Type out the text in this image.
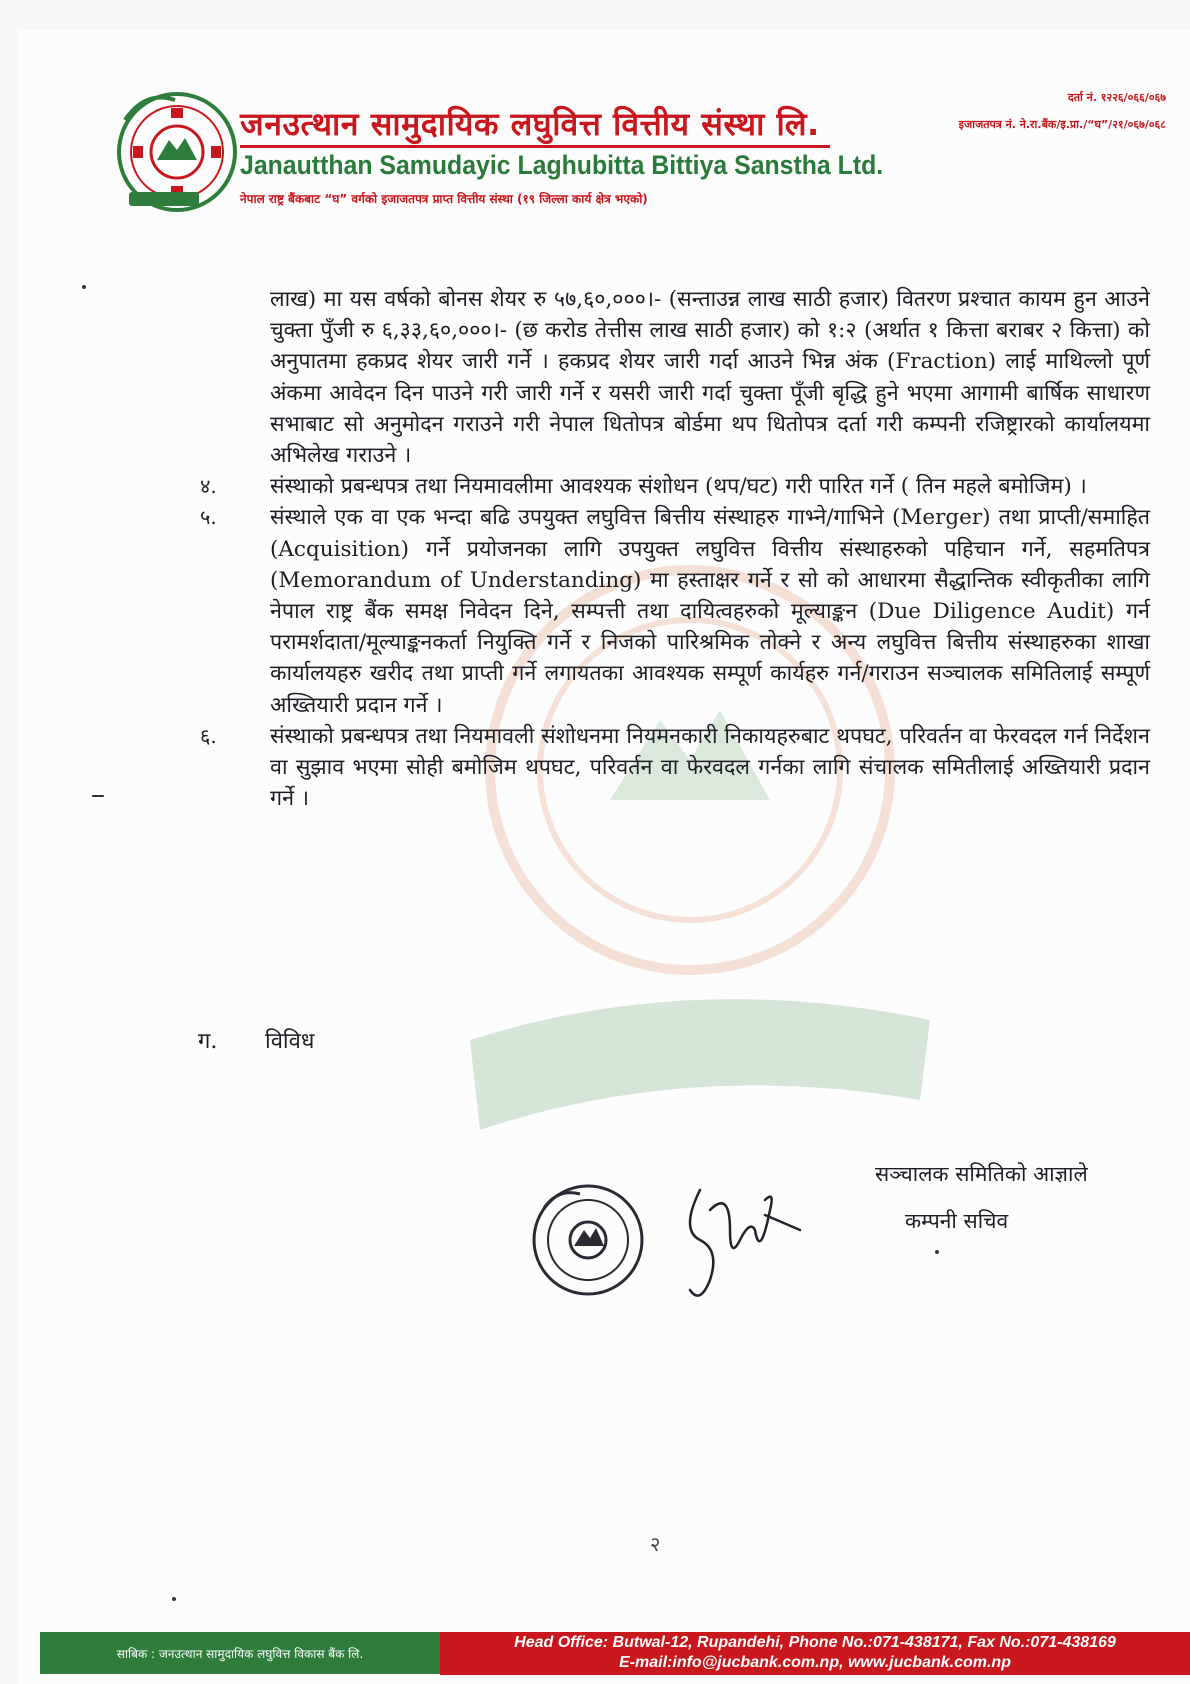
जनउत्थान सामुदायिक लघुवित्त वित्तीय संस्था लि.
Janautthan Samudayic Laghubitta Bittiya Sanstha Ltd.
नेपाल राष्ट्र बैंकबाट “घ” वर्गको इजाजतपत्र प्राप्त वित्तीय संस्था (१९ जिल्ला कार्य क्षेत्र भएको)
दर्ता नं. १२२६/०६६/०६७
इजाजतपत्र नं. ने.रा.बैंक/इ.प्रा./“घ”/२१/०६७/०६८

लाख) मा यस वर्षको बोनस शेयर रु ५७,६०,०००।- (सन्ताउन्न लाख साठी हजार) वितरण प्रश्चात कायम हुन आउने चुक्ता पुँजी रु ६,३३,६०,०००।- (छ करोड तेत्तीस लाख साठी हजार) को १:२ (अर्थात १ कित्ता बराबर २ कित्ता) को अनुपातमा हकप्रद शेयर जारी गर्ने । हकप्रद शेयर जारी गर्दा आउने भिन्न अंक (Fraction) लाई माथिल्लो पूर्ण अंकमा आवेदन दिन पाउने गरी जारी गर्ने र यसरी जारी गर्दा चुक्ता पूँजी बृद्धि हुने भएमा आगामी बार्षिक साधारण सभाबाट सो अनुमोदन गराउने गरी नेपाल धितोपत्र बोर्डमा थप धितोपत्र दर्ता गरी कम्पनी रजिष्ट्रारको कार्यालयमा अभिलेख गराउने ।

४. संस्थाको प्रबन्धपत्र तथा नियमावलीमा आवश्यक संशोधन (थप/घट) गरी पारित गर्ने ( तिन महले बमोजिम) ।

५. संस्थाले एक वा एक भन्दा बढि उपयुक्त लघुवित्त बित्तीय संस्थाहरु गाभ्ने/गाभिने (Merger) तथा प्राप्ती/समाहित (Acquisition) गर्ने प्रयोजनका लागि उपयुक्त लघुवित्त वित्तीय संस्थाहरुको पहिचान गर्ने, सहमतिपत्र (Memorandum of Understanding) मा हस्ताक्षर गर्ने र सो को आधारमा सैद्धान्तिक स्वीकृतीका लागि नेपाल राष्ट्र बैंक समक्ष निवेदन दिने, सम्पत्ती तथा दायित्वहरुको मूल्याङ्कन (Due Diligence Audit) गर्न परामर्शदाता/मूल्याङ्कनकर्ता नियुक्ति गर्ने र निजको पारिश्रमिक तोक्ने र अन्य लघुवित्त बित्तीय संस्थाहरुका शाखा कार्यालयहरु खरीद तथा प्राप्ती गर्ने लगायतका आवश्यक सम्पूर्ण कार्यहरु गर्न/गराउन सञ्चालक समितिलाई सम्पूर्ण अख्तियारी प्रदान गर्ने ।

६. संस्थाको प्रबन्धपत्र तथा नियमावली संशोधनमा नियमनकारी निकायहरुबाट थपघट, परिवर्तन वा फेरवदल गर्न निर्देशन वा सुझाव भएमा सोही बमोजिम थपघट, परिवर्तन वा फेरवदल गर्नका लागि संचालक समितीलाई अख्तियारी प्रदान गर्ने ।

ग. विविध
सञ्चालक समितिको आज्ञाले
कम्पनी सचिव
२
साबिक : जनउत्थान सामुदायिक लघुवित्त विकास बैंक लि.
Head Office: Butwal-12, Rupandehi, Phone No.:071-438171, Fax No.:071-438169
E-mail:info@jucbank.com.np, www.jucbank.com.np
